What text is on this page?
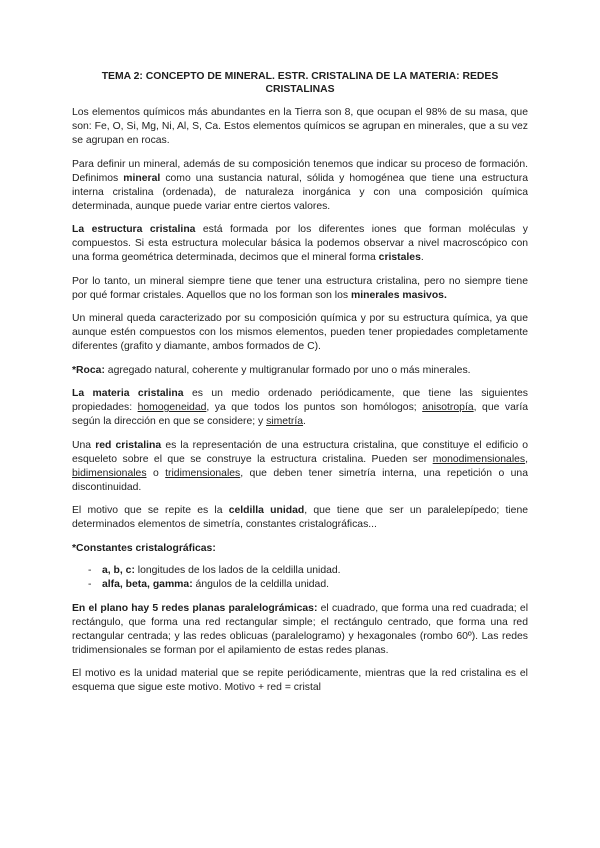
TEMA 2: CONCEPTO DE MINERAL. ESTR. CRISTALINA DE LA MATERIA: REDES CRISTALINAS

Los elementos químicos más abundantes en la Tierra son 8, que ocupan el 98% de su masa, que son: Fe, O, Si, Mg, Ni, Al, S, Ca. Estos elementos químicos se agrupan en minerales, que a su vez se agrupan en rocas.

Para definir un mineral, además de su composición tenemos que indicar su proceso de formación. Definimos mineral como una sustancia natural, sólida y homogénea que tiene una estructura interna cristalina (ordenada), de naturaleza inorgánica y con una composición química determinada, aunque puede variar entre ciertos valores.

La estructura cristalina está formada por los diferentes iones que forman moléculas y compuestos. Si esta estructura molecular básica la podemos observar a nivel macroscópico con una forma geométrica determinada, decimos que el mineral forma cristales.

Por lo tanto, un mineral siempre tiene que tener una estructura cristalina, pero no siempre tiene por qué formar cristales. Aquellos que no los forman son los minerales masivos.

Un mineral queda caracterizado por su composición química y por su estructura química, ya que aunque estén compuestos con los mismos elementos, pueden tener propiedades completamente diferentes (grafito y diamante, ambos formados de C).

*Roca: agregado natural, coherente y multigranular formado por uno o más minerales.

La materia cristalina es un medio ordenado periódicamente, que tiene las siguientes propiedades: homogeneidad, ya que todos los puntos son homólogos; anisotropía, que varía según la dirección en que se considere; y simetría.

Una red cristalina es la representación de una estructura cristalina, que constituye el edificio o esqueleto sobre el que se construye la estructura cristalina. Pueden ser monodimensionales, bidimensionales o tridimensionales, que deben tener simetría interna, una repetición o una discontinuidad.

El motivo que se repite es la celdilla unidad, que tiene que ser un paralelepípedo; tiene determinados elementos de simetría, constantes cristalográficas...

*Constantes cristalográficas:
- a, b, c: longitudes de los lados de la celdilla unidad.
- alfa, beta, gamma: ángulos de la celdilla unidad.

En el plano hay 5 redes planas paralelográmicas: el cuadrado, que forma una red cuadrada; el rectángulo, que forma una red rectangular simple; el rectángulo centrado, que forma una red rectangular centrada; y las redes oblicuas (paralelogramo) y hexagonales (rombo 60º). Las redes tridimensionales se forman por el apilamiento de estas redes planas.

El motivo es la unidad material que se repite periódicamente, mientras que la red cristalina es el esquema que sigue este motivo. Motivo + red = cristal
